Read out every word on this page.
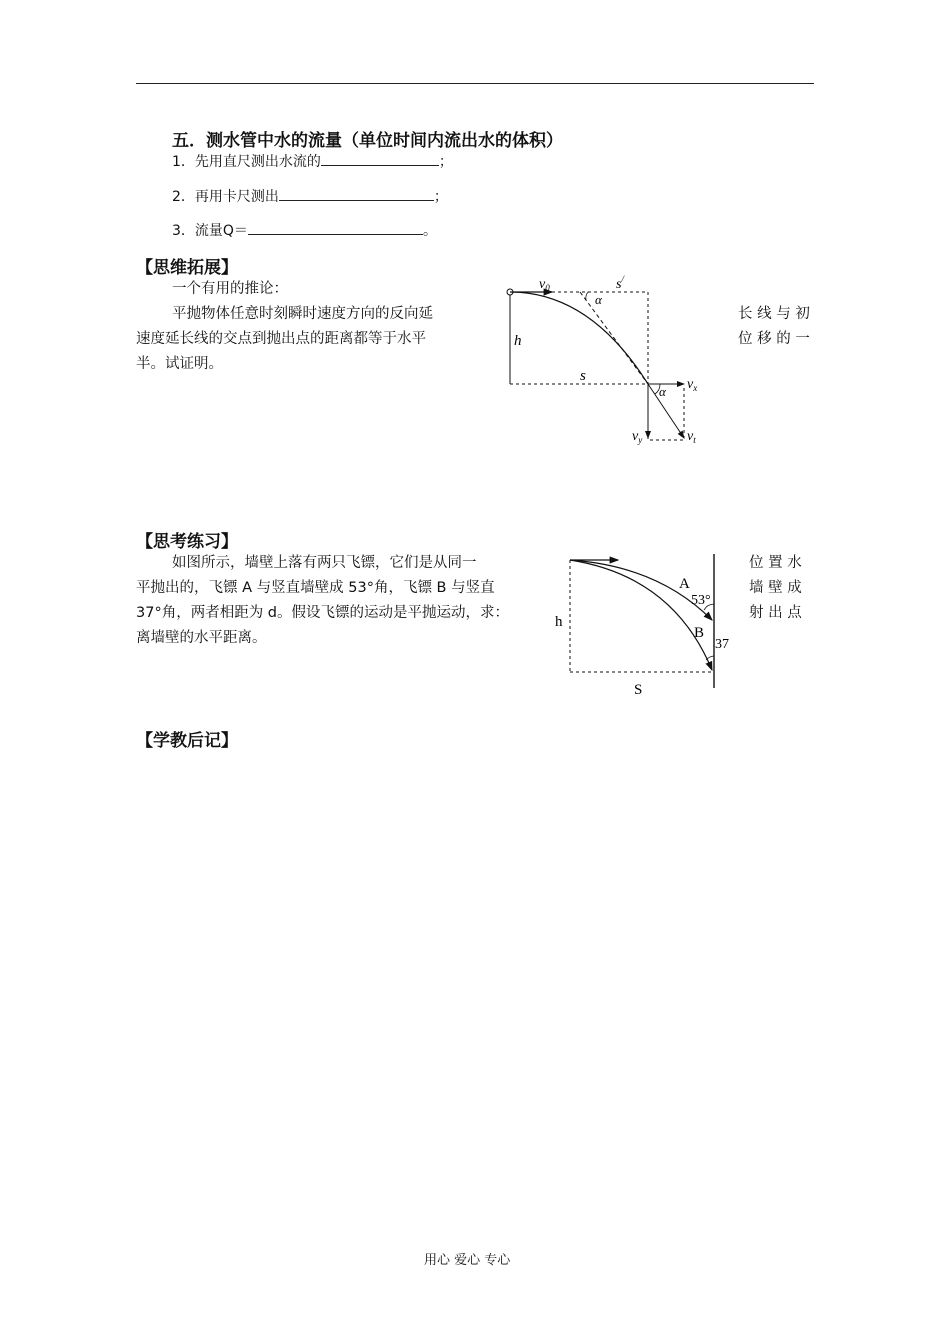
五．测水管中水的流量（单位时间内流出水的体积）
1．先用直尺测出水流的	；
2．再用卡尺测出	；
3．流量Q＝	。
【思维拓展】
一个有用的推论：
平抛物体任意时刻瞬时速度方向的反向延
速度延长线的交点到抛出点的距离都等于水平
半。试证明。
长 线 与 初
位 移 的 一
$v_0$	s/
α
h
s
$v_x$
α
$v_y$	$v_t$
【思考练习】
如图所示，墙壁上落有两只飞镖，它们是从同一
平抛出的，飞镖 A 与竖直墙壁成 53°角，飞镖 B 与竖直
37°角，两者相距为 d。假设飞镖的运动是平抛运动，求：
离墙壁的水平距离。
位 置 水
墙 壁 成
射 出 点
A
53°
B
37
h
S
【学教后记】
用心 爱心 专心
